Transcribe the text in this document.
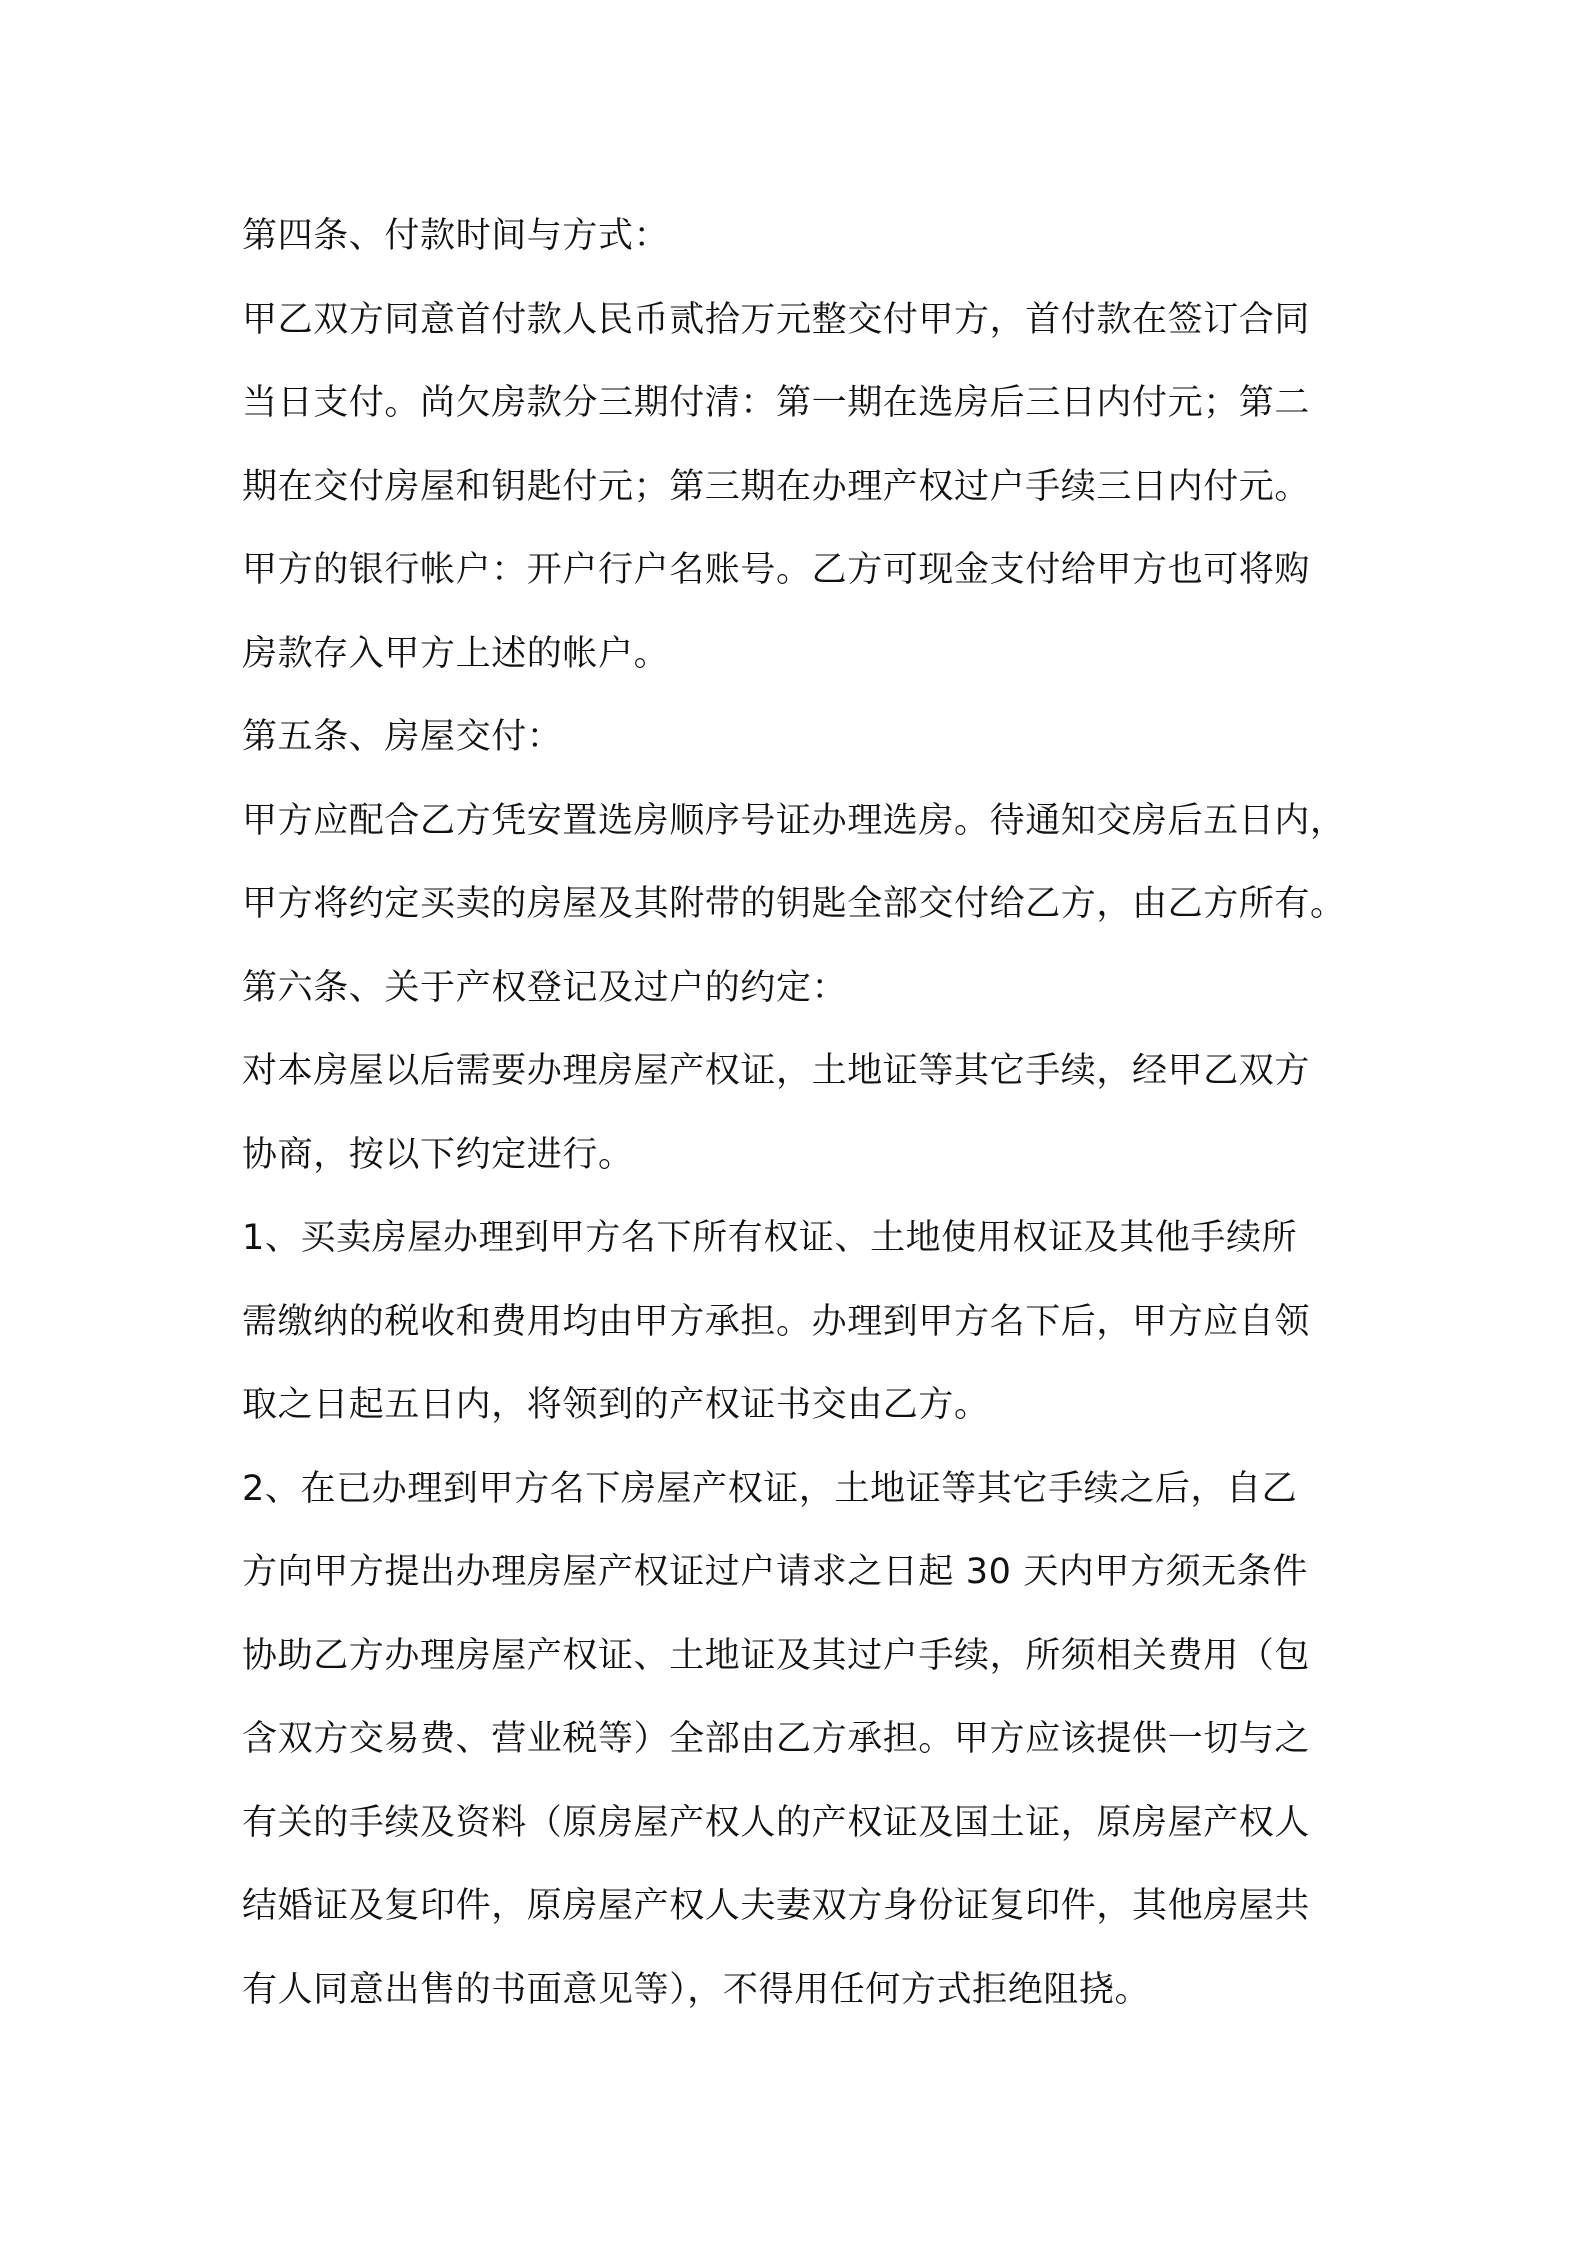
第四条、付款时间与方式：
甲乙双方同意首付款人民币贰拾万元整交付甲方，首付款在签订合同
当日支付。尚欠房款分三期付清：第一期在选房后三日内付元；第二
期在交付房屋和钥匙付元；第三期在办理产权过户手续三日内付元。
甲方的银行帐户：开户行户名账号。乙方可现金支付给甲方也可将购
房款存入甲方上述的帐户。
第五条、房屋交付：
甲方应配合乙方凭安置选房顺序号证办理选房。待通知交房后五日内，
甲方将约定买卖的房屋及其附带的钥匙全部交付给乙方，由乙方所有。
第六条、关于产权登记及过户的约定：
对本房屋以后需要办理房屋产权证，土地证等其它手续，经甲乙双方
协商，按以下约定进行。
1、买卖房屋办理到甲方名下所有权证、土地使用权证及其他手续所
需缴纳的税收和费用均由甲方承担。办理到甲方名下后，甲方应自领
取之日起五日内，将领到的产权证书交由乙方。
2、在已办理到甲方名下房屋产权证，土地证等其它手续之后，自乙
方向甲方提出办理房屋产权证过户请求之日起 30 天内甲方须无条件
协助乙方办理房屋产权证、土地证及其过户手续，所须相关费用（包
含双方交易费、营业税等）全部由乙方承担。甲方应该提供一切与之
有关的手续及资料（原房屋产权人的产权证及国土证，原房屋产权人
结婚证及复印件，原房屋产权人夫妻双方身份证复印件，其他房屋共
有人同意出售的书面意见等），不得用任何方式拒绝阻挠。
